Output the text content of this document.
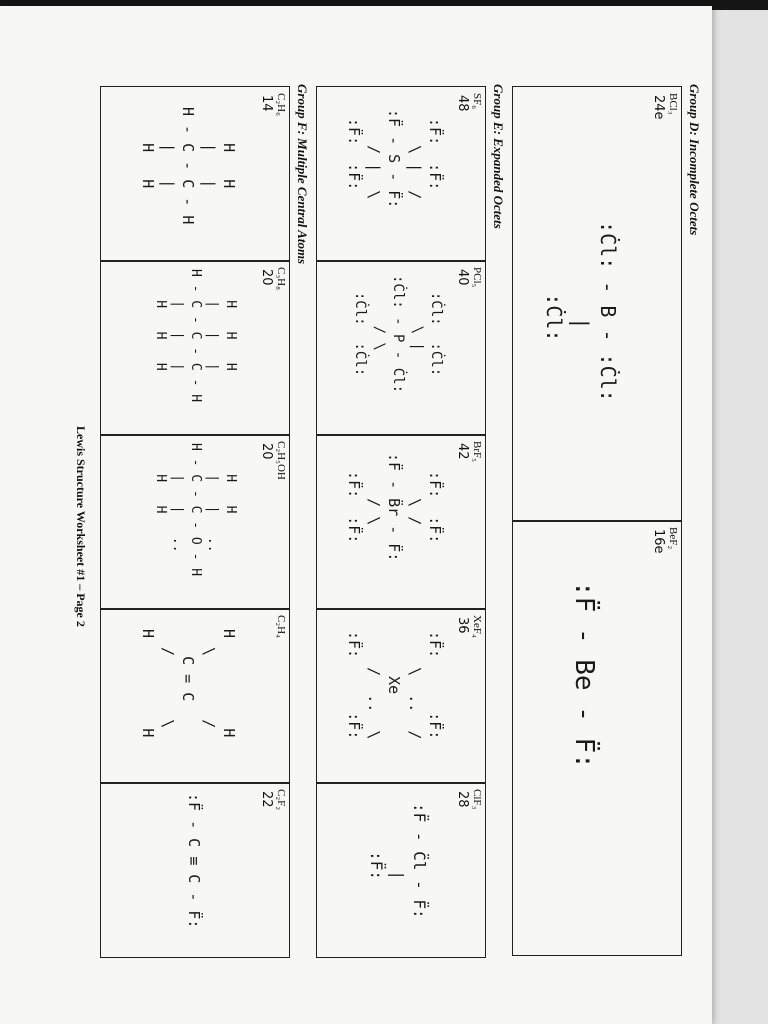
Group D: Incomplete Octets
BCl₃
24e
:Ċl: - B - :Ċl:
|
:Ċl:
BeF₂
16e
:F̈ - Be - F̈:
Group E: Expanded Octets
SF₆
48
:F̈:  :F̈:
\ |  /
:F̈ - S - F̈:
/ |  \
:F̈:  :F̈:
PCl₅
40
:Ċl:  :Ċl:
\ |
:Ċl: - P - Ċl:
/ \
:Ċl:  :Ċl:
BrF₅
42
:F̈:  :F̈:
\ /
:F̈ - B̈r - F̈:
/ \
:F̈:  :F̈:
XeF₄
36
:F̈:      :F̈:
\  ..  /
Xe
/  ..  \
:F̈:      :F̈:
ClF₃
28
:F̈ - C̈l - F̈:
|
:F̈:
Group F: Multiple Central Atoms
C₂H₆
14
H   H
|   |
H - C - C - H
|   |
H   H
C₃H₈
20
H   H   H
|   |   |
H - C - C - C - H
|   |   |
H   H   H
C₂H₅OH
20
H   H
|   |   ..
H - C - C - O - H
|   |   ..
H   H
C₂H₄
H          H
\       /
C = C
/       \
H          H
C₂F₂
22
:F̈ - C ≡ C - F̈:
Lewis Structure Worksheet #1 – Page 2
